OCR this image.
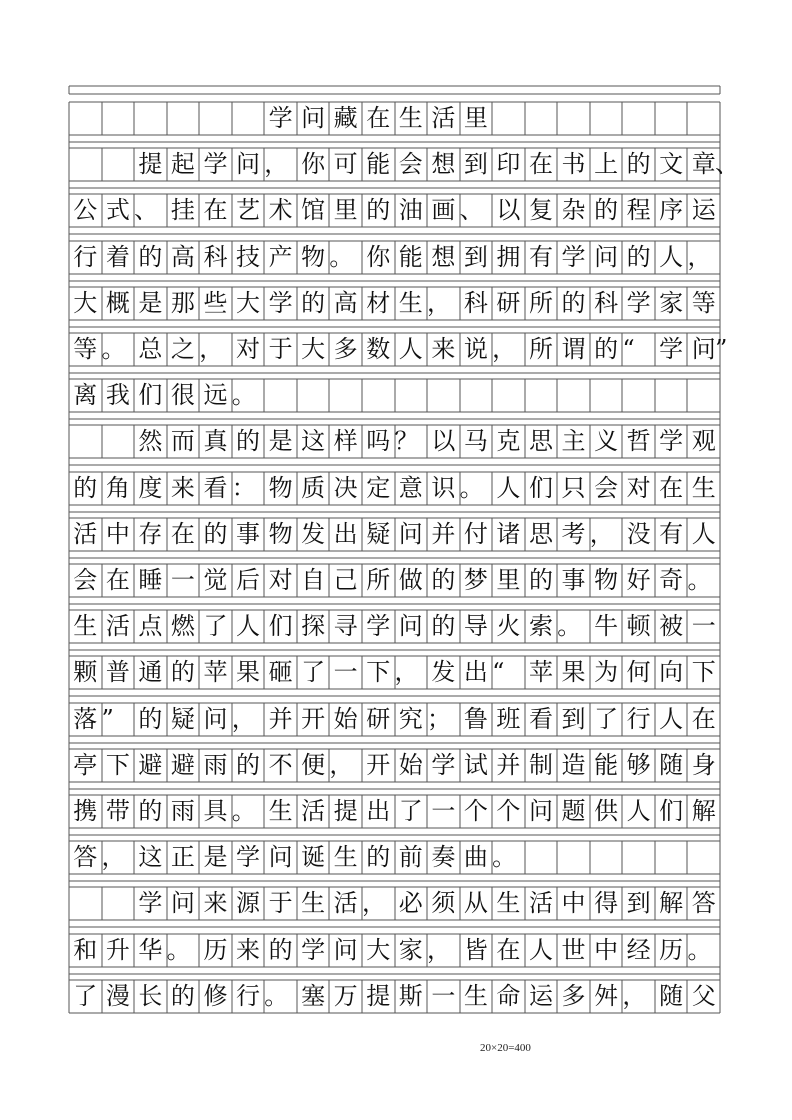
学 问 藏 在 生 活 里
提 起 学 问 ， 你 可 能 会 想 到 印 在 书 上 的 文 章 、
公 式 、 挂 在 艺 术 馆 里 的 油 画 、 以 复 杂 的 程 序 运
行 着 的 高 科 技 产 物 。 你 能 想 到 拥 有 学 问 的 人 ，
大 概 是 那 些 大 学 的 高 材 生 ， 科 研 所 的 科 学 家 等
等 。 总 之 ， 对 于 大 多 数 人 来 说 ， 所 谓 的 “	学 问 ”
离 我 们 很 远 。
然 而 真 的 是 这 样 吗 ？ 以 马 克 思 主 义 哲 学 观
的 角 度 来 看 ： 物 质 决 定 意 识 。 人 们 只 会 对 在 生
活 中 存 在 的 事 物 发 出 疑 问 并 付 诸 思 考 ， 没 有 人
会 在 睡 一 觉 后 对 自 己 所 做 的 梦 里 的 事 物 好 奇 。
生 活 点 燃 了 人 们 探 寻 学 问 的 导 火 索 。 牛 顿 被 一
颗 普 通 的 苹 果 砸 了 一 下 ， 发 出 “	苹 果 为 何 向 下
落 ”	的 疑 问 ， 并 开 始 研 究 ； 鲁 班 看 到 了 行 人 在
亭 下 避 避 雨 的 不 便 ， 开 始 学 试 并 制 造 能 够 随 身
携 带 的 雨 具 。 生 活 提 出 了 一 个 个 问 题 供 人 们 解
答 ， 这 正 是 学 问 诞 生 的 前 奏 曲 。
学 问 来 源 于 生 活 ， 必 须 从 生 活 中 得 到 解 答
和 升 华 。 历 来 的 学 问 大 家 ， 皆 在 人 世 中 经 历 。
了 漫 长 的 修 行 。 塞 万 提 斯 一 生 命 运 多 舛 ， 随 父
20×20=400
